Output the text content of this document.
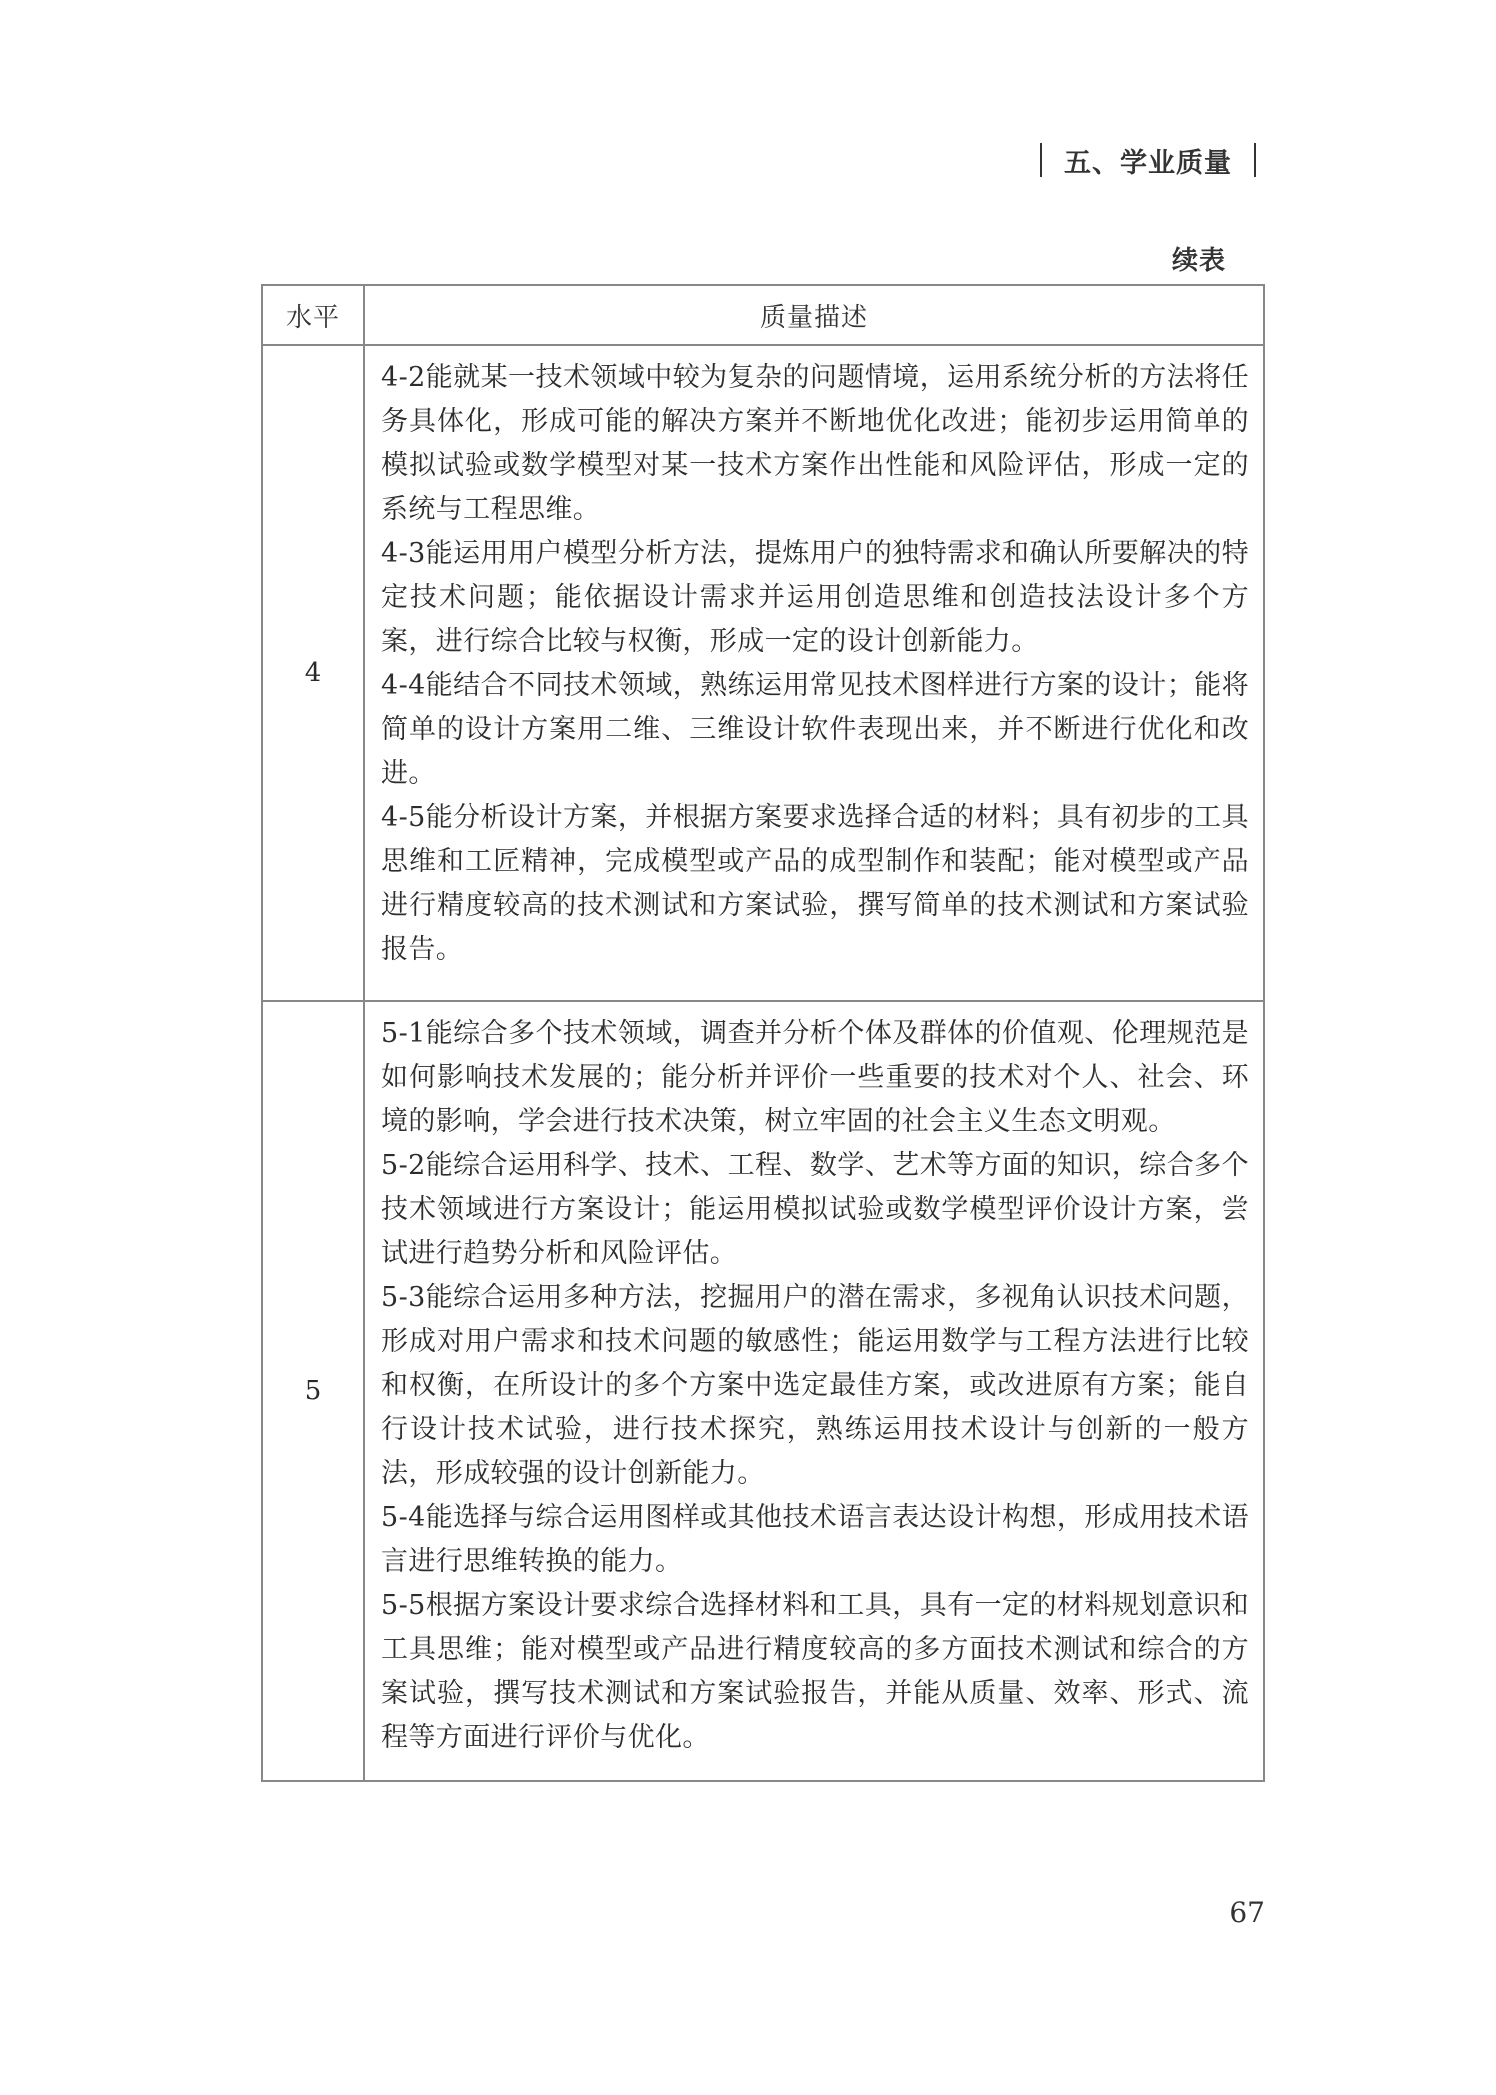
五、学业质量
续表
水平	质量描述
4	4-2能就某一技术领域中较为复杂的问题情境，运用系统分析的方法将任务具体化，形成可能的解决方案并不断地优化改进；能初步运用简单的模拟试验或数学模型对某一技术方案作出性能和风险评估，形成一定的系统与工程思维。

4-3能运用用户模型分析方法，提炼用户的独特需求和确认所要解决的特定技术问题；能依据设计需求并运用创造思维和创造技法设计多个方案，进行综合比较与权衡，形成一定的设计创新能力。

4-4能结合不同技术领域，熟练运用常见技术图样进行方案的设计；能将简单的设计方案用二维、三维设计软件表现出来，并不断进行优化和改进。

4-5能分析设计方案，并根据方案要求选择合适的材料；具有初步的工具思维和工匠精神，完成模型或产品的成型制作和装配；能对模型或产品进行精度较高的技术测试和方案试验，撰写简单的技术测试和方案试验报告。

5	5-1能综合多个技术领域，调查并分析个体及群体的价值观、伦理规范是如何影响技术发展的；能分析并评价一些重要的技术对个人、社会、环境的影响，学会进行技术决策，树立牢固的社会主义生态文明观。

5-2能综合运用科学、技术、工程、数学、艺术等方面的知识，综合多个技术领域进行方案设计；能运用模拟试验或数学模型评价设计方案，尝试进行趋势分析和风险评估。

5-3能综合运用多种方法，挖掘用户的潜在需求，多视角认识技术问题，形成对用户需求和技术问题的敏感性；能运用数学与工程方法进行比较和权衡，在所设计的多个方案中选定最佳方案，或改进原有方案；能自行设计技术试验，进行技术探究，熟练运用技术设计与创新的一般方法，形成较强的设计创新能力。

5-4能选择与综合运用图样或其他技术语言表达设计构想，形成用技术语言进行思维转换的能力。

5-5根据方案设计要求综合选择材料和工具，具有一定的材料规划意识和工具思维；能对模型或产品进行精度较高的多方面技术测试和综合的方案试验，撰写技术测试和方案试验报告，并能从质量、效率、形式、流程等方面进行评价与优化。

67
